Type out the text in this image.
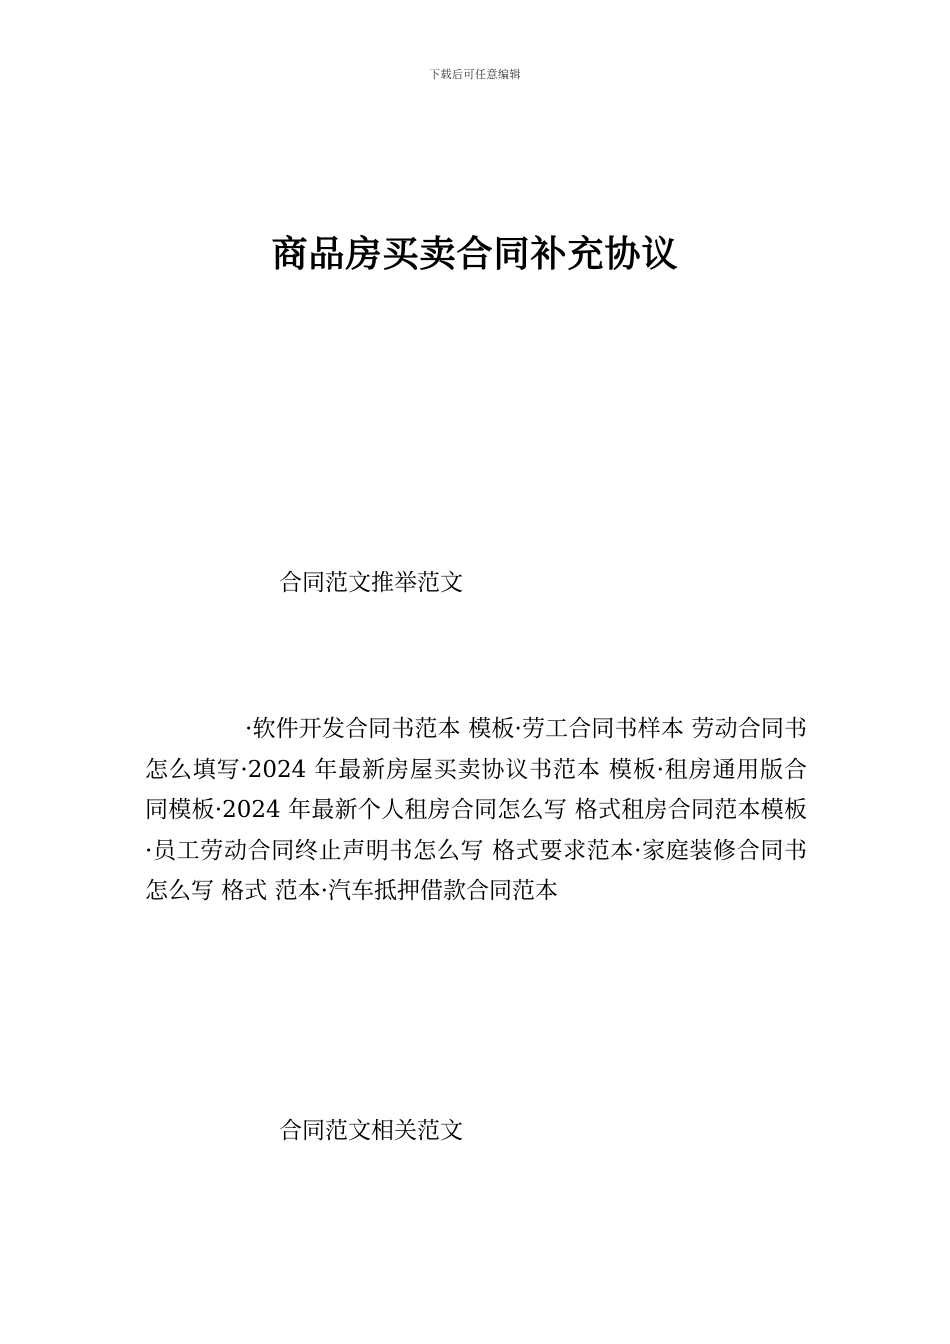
下载后可任意编辑
商品房买卖合同补充协议
合同范文推举范文
·软件开发合同书范本 模板·劳工合同书样本 劳动合同书怎么填写·2024 年最新房屋买卖协议书范本 模板·租房通用版合同模板·2024 年最新个人租房合同怎么写 格式租房合同范本模板·员工劳动合同终止声明书怎么写 格式要求范本·家庭装修合同书怎么写 格式 范本·汽车抵押借款合同范本
合同范文相关范文
